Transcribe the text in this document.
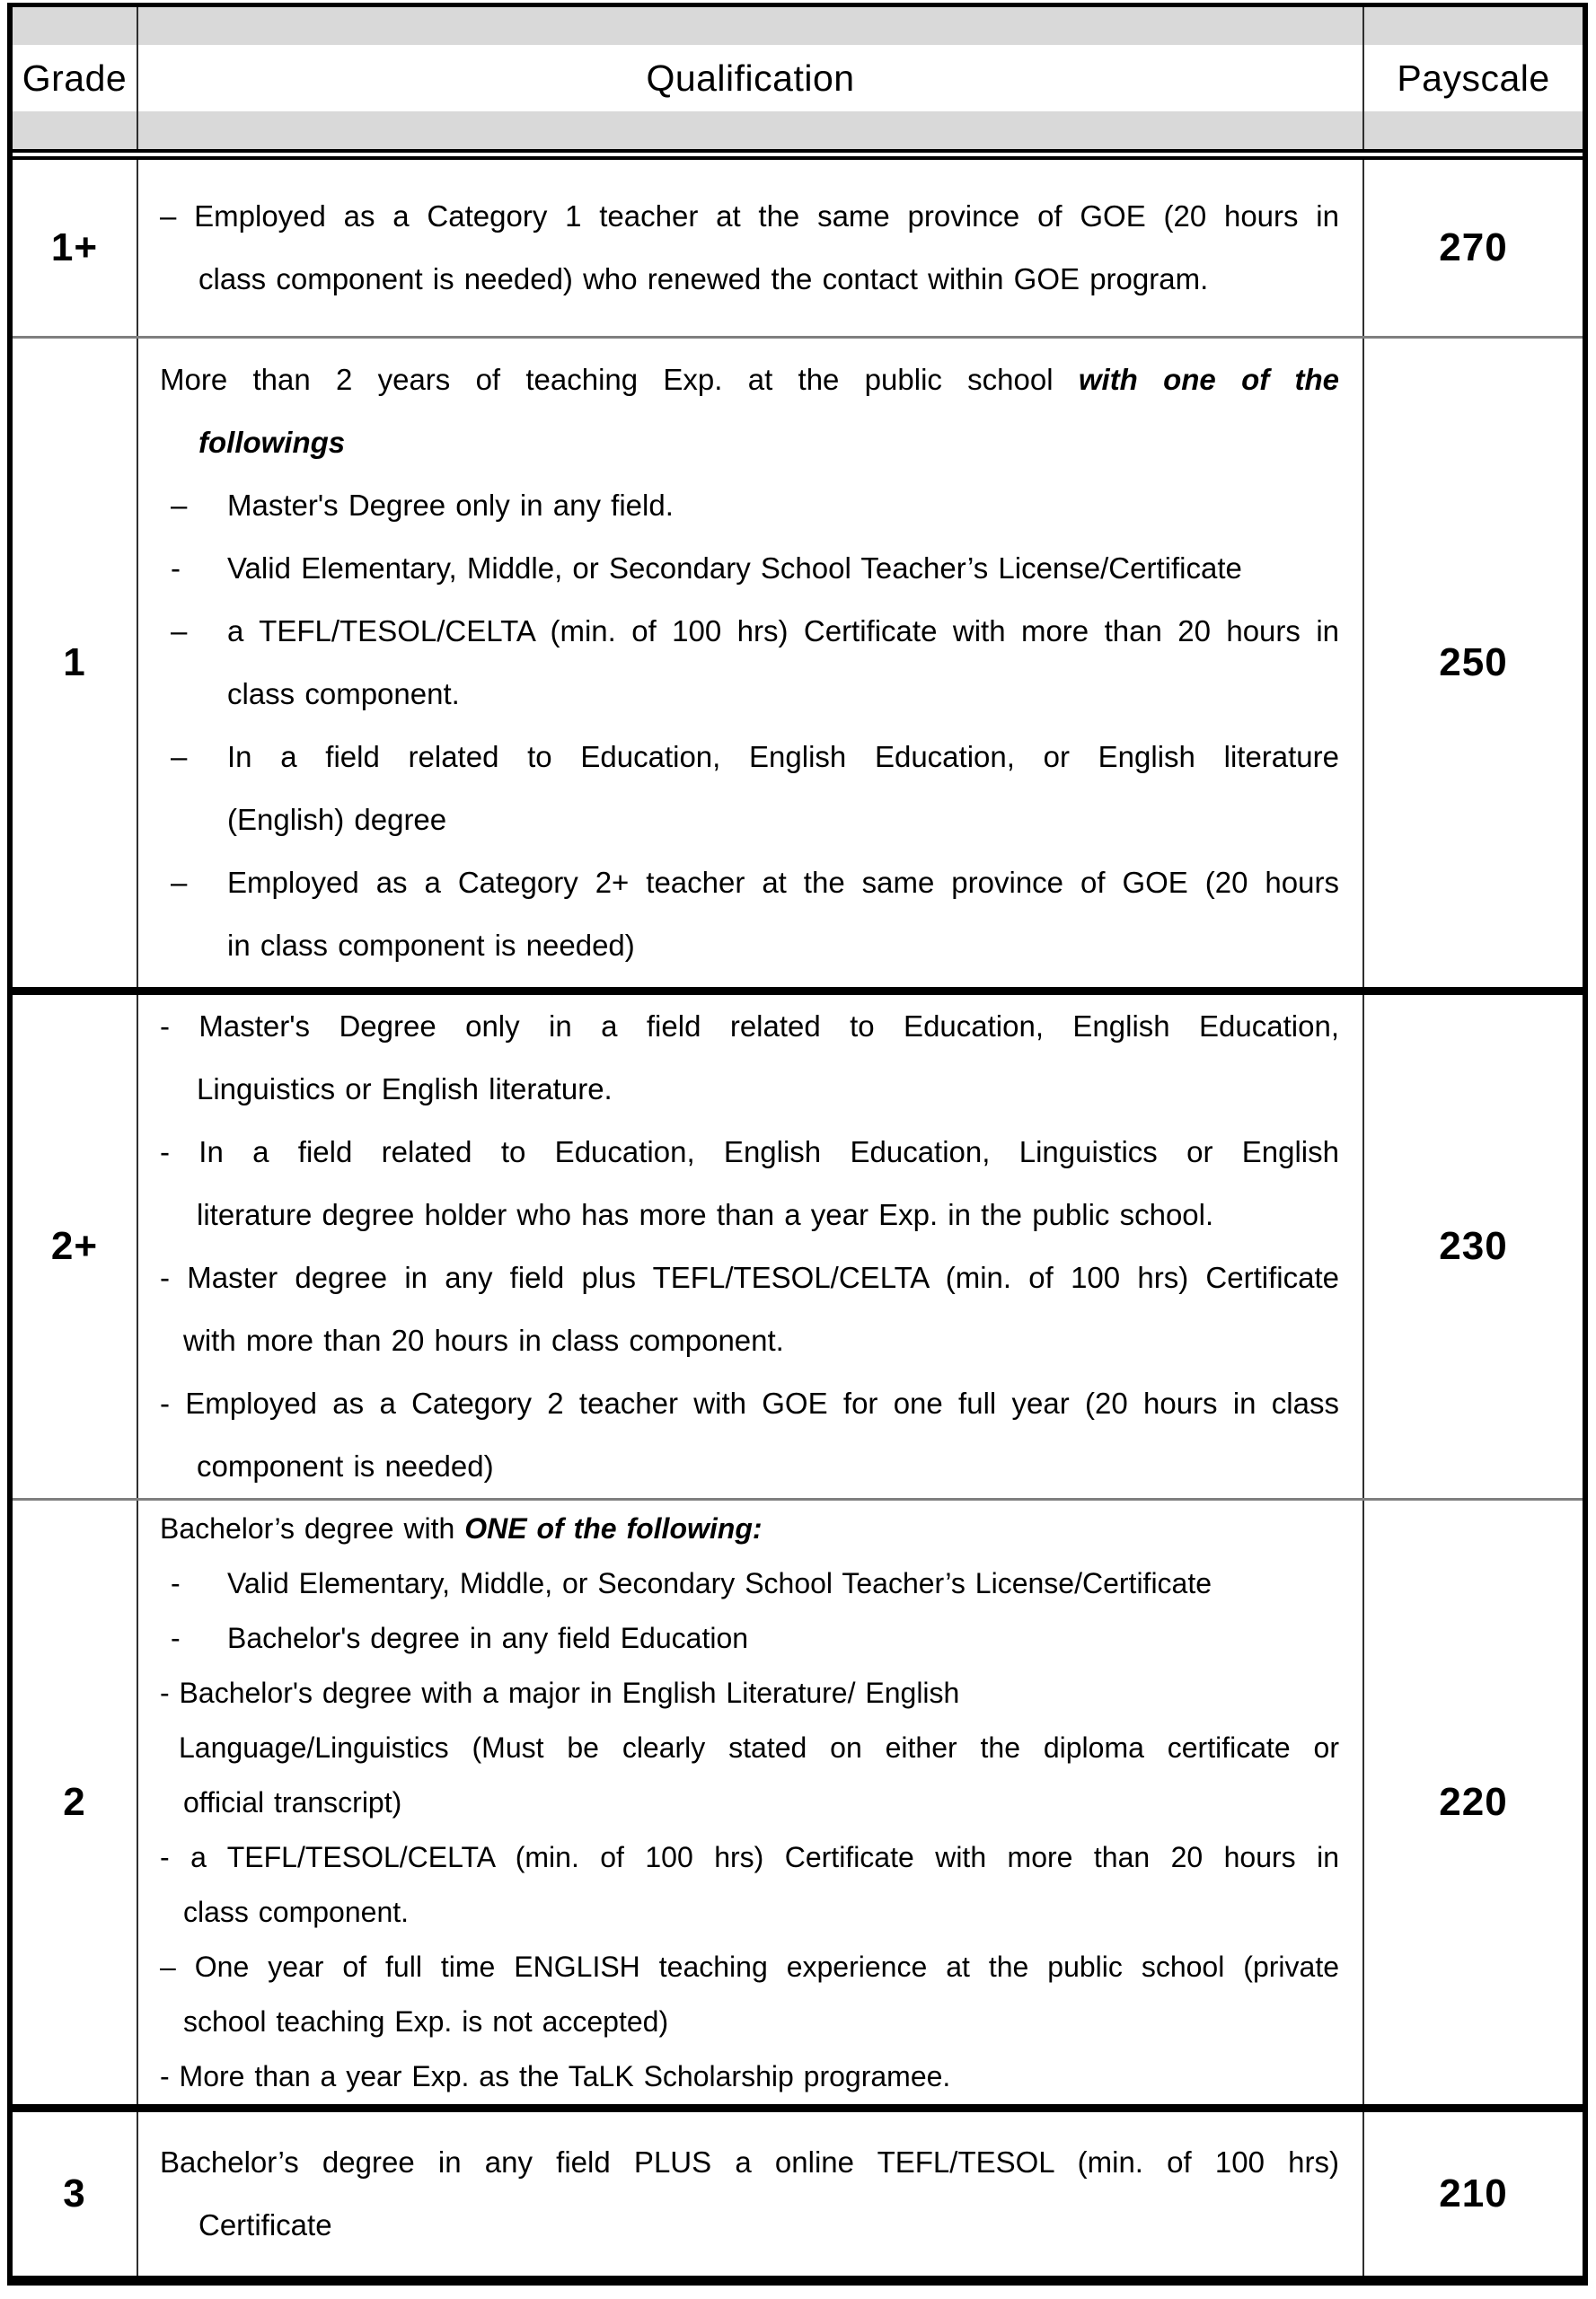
Grade	Qualification	Payscale
1+
– Employed as a Category 1 teacher at the same province of GOE (20 hours in
class component is needed) who renewed the contact within GOE program.
270
1
More than 2 years of teaching Exp. at the public school with one of the
followings
– Master's Degree only in any field.
- Valid Elementary, Middle, or Secondary School Teacher’s License/Certificate
– a TEFL/TESOL/CELTA (min. of 100 hrs) Certificate with more than 20 hours in
class component.
– In a field related to Education, English Education, or English literature
(English) degree
– Employed as a Category 2+ teacher at the same province of GOE (20 hours
in class component is needed)
250
2+
- Master's Degree only in a field related to Education, English Education,
Linguistics or English literature.
- In a field related to Education, English Education, Linguistics or English
literature degree holder who has more than a year Exp. in the public school.
- Master degree in any field plus TEFL/TESOL/CELTA (min. of 100 hrs) Certificate
with more than 20 hours in class component.
- Employed as a Category 2 teacher with GOE for one full year (20 hours in class
component is needed)
230
2
Bachelor’s degree with ONE of the following:
- Valid Elementary, Middle, or Secondary School Teacher’s License/Certificate
- Bachelor's degree in any field Education
- Bachelor's degree with a major in English Literature/ English
Language/Linguistics (Must be clearly stated on either the diploma certificate or
official transcript)
- a TEFL/TESOL/CELTA (min. of 100 hrs) Certificate with more than 20 hours in
class component.
– One year of full time ENGLISH teaching experience at the public school (private
school teaching Exp. is not accepted)
- More than a year Exp. as the TaLK Scholarship programee.
220
3
Bachelor’s degree in any field PLUS a online TEFL/TESOL (min. of 100 hrs)
Certificate
210
